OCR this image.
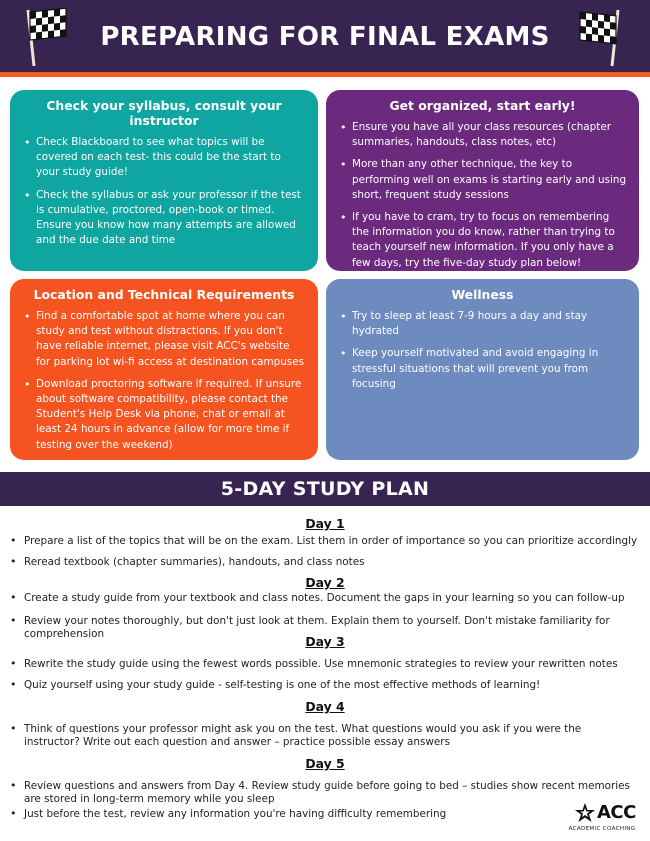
PREPARING FOR FINAL EXAMS
Check your syllabus, consult your instructor
• Check Blackboard to see what topics will be covered on each test- this could be the start to your study guide!
• Check the syllabus or ask your professor if the test is cumulative, proctored, open-book or timed. Ensure you know how many attempts are allowed and the due date and time
Get organized, start early!
• Ensure you have all your class resources (chapter summaries, handouts, class notes, etc)
• More than any other technique, the key to performing well on exams is starting early and using short, frequent study sessions
• If you have to cram, try to focus on remembering the information you do know, rather than trying to teach yourself new information. If you only have a few days, try the five-day study plan below!
Location and Technical Requirements
• Find a comfortable spot at home where you can study and test without distractions. If you don't have reliable internet, please visit ACC's website for parking lot wi-fi access at destination campuses
• Download proctoring software if required. If unsure about software compatibility, please contact the Student's Help Desk via phone, chat or email at least 24 hours in advance (allow for more time if testing over the weekend)
Wellness
• Try to sleep at least 7-9 hours a day and stay hydrated
• Keep yourself motivated and avoid engaging in stressful situations that will prevent you from focusing
5-DAY STUDY PLAN
Day 1
• Prepare a list of the topics that will be on the exam. List them in order of importance so you can prioritize accordingly
• Reread textbook (chapter summaries), handouts, and class notes
Day 2
• Create a study guide from your textbook and class notes. Document the gaps in your learning so you can follow-up
• Review your notes thoroughly, but don't just look at them. Explain them to yourself. Don't mistake familiarity for comprehension
Day 3
• Rewrite the study guide using the fewest words possible. Use mnemonic strategies to review your rewritten notes
• Quiz yourself using your study guide - self-testing is one of the most effective methods of learning!
Day 4
• Think of questions your professor might ask you on the test. What questions would you ask if you were the instructor? Write out each question and answer – practice possible essay answers
Day 5
• Review questions and answers from Day 4. Review study guide before going to bed – studies show recent memories are stored in long-term memory while you sleep
• Just before the test, review any information you're having difficulty remembering	ACC
ACADEMIC COACHING
